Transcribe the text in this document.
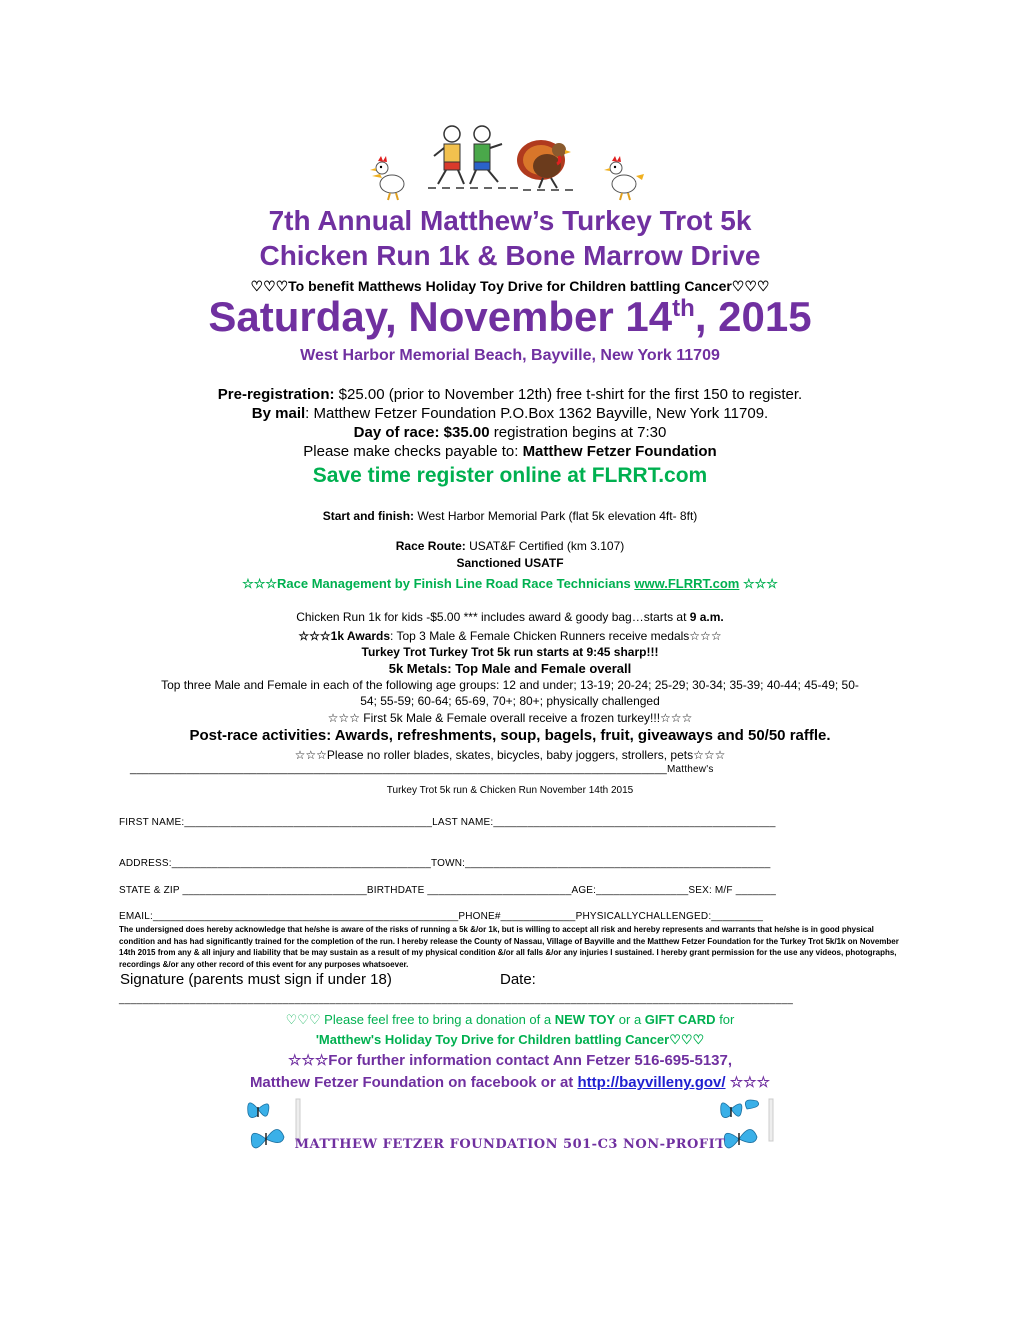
7th Annual Matthew’s Turkey Trot 5k
Chicken Run 1k & Bone Marrow Drive
♡♡♡To benefit Matthews Holiday Toy Drive for Children battling Cancer♡♡♡
Saturday, November 14th, 2015
West Harbor Memorial Beach, Bayville, New York 11709
Pre-registration: $25.00 (prior to November 12th) free t-shirt for the first 150 to register.
By mail: Matthew Fetzer Foundation P.O.Box 1362 Bayville, New York 11709.
Day of race: $35.00 registration begins at 7:30
Please make checks payable to: Matthew Fetzer Foundation
Save time register online at FLRRT.com
Start and finish: West Harbor Memorial Park (flat 5k elevation 4ft- 8ft)
Race Route: USAT&F Certified (km 3.107)
Sanctioned USATF
☆☆☆Race Management by Finish Line Road Race Technicians www.FLRRT.com ☆☆☆
Chicken Run 1k for kids -$5.00 *** includes award & goody bag…starts at 9 a.m.
☆☆☆1k Awards: Top 3 Male & Female Chicken Runners receive medals☆☆☆
Turkey Trot Turkey Trot 5k run starts at 9:45 sharp!!!
5k Metals: Top Male and Female overall
Top three Male and Female in each of the following age groups: 12 and under; 13-19; 20-24; 25-29; 30-34; 35-39; 40-44; 45-49; 50-
54; 55-59; 60-64; 65-69, 70+; 80+; physically challenged
☆☆☆ First 5k Male & Female overall receive a frozen turkey!!!☆☆☆
Post-race activities: Awards, refreshments, soup, bagels, fruit, giveaways and 50/50 raffle.
☆☆☆Please no roller blades, skates, bicycles, baby joggers, strollers, pets☆☆☆
_____________________________________________________________________________________Matthew's
Turkey Trot 5k run & Chicken Run November 14th 2015
FIRST NAME:___________________________________________LAST NAME:_________________________________________________
ADDRESS:_____________________________________________TOWN:_____________________________________________________
STATE & ZIP ________________________________BIRTHDATE _________________________AGE:________________SEX: M/F _______
EMAIL:_____________________________________________________PHONE#_____________PHYSICALLYCHALLENGED:_________
The undersigned does hereby acknowledge that he/she is aware of the risks of running a 5k &/or 1k, but is willing to accept all risk and hereby represents and warrants that he/she is in good physical condition and has had significantly trained for the completion of the run. I hereby release the County of Nassau, Village of Bayville and the Matthew Fetzer Foundation for the Turkey Trot 5k/1k on November 14th 2015 from any & all injury and liability that be may sustain as a result of my physical condition &/or all falls &/or any injuries I sustained. I hereby grant permission for the use any videos, photographs, recordings &/or any other record of this event for any purposes whatsoever.
Signature (parents must sign if under 18)	Date:
___________________________________________________________________________________________________________________
♡♡♡ Please feel free to bring a donation of a NEW TOY or a GIFT CARD for
'Matthew's Holiday Toy Drive for Children battling Cancer♡♡♡
☆☆☆For further information contact Ann Fetzer 516-695-5137,
Matthew Fetzer Foundation on facebook or at http://bayvilleny.gov/ ☆☆☆
MATTHEW FETZER FOUNDATION 501-C3 NON-PROFIT
